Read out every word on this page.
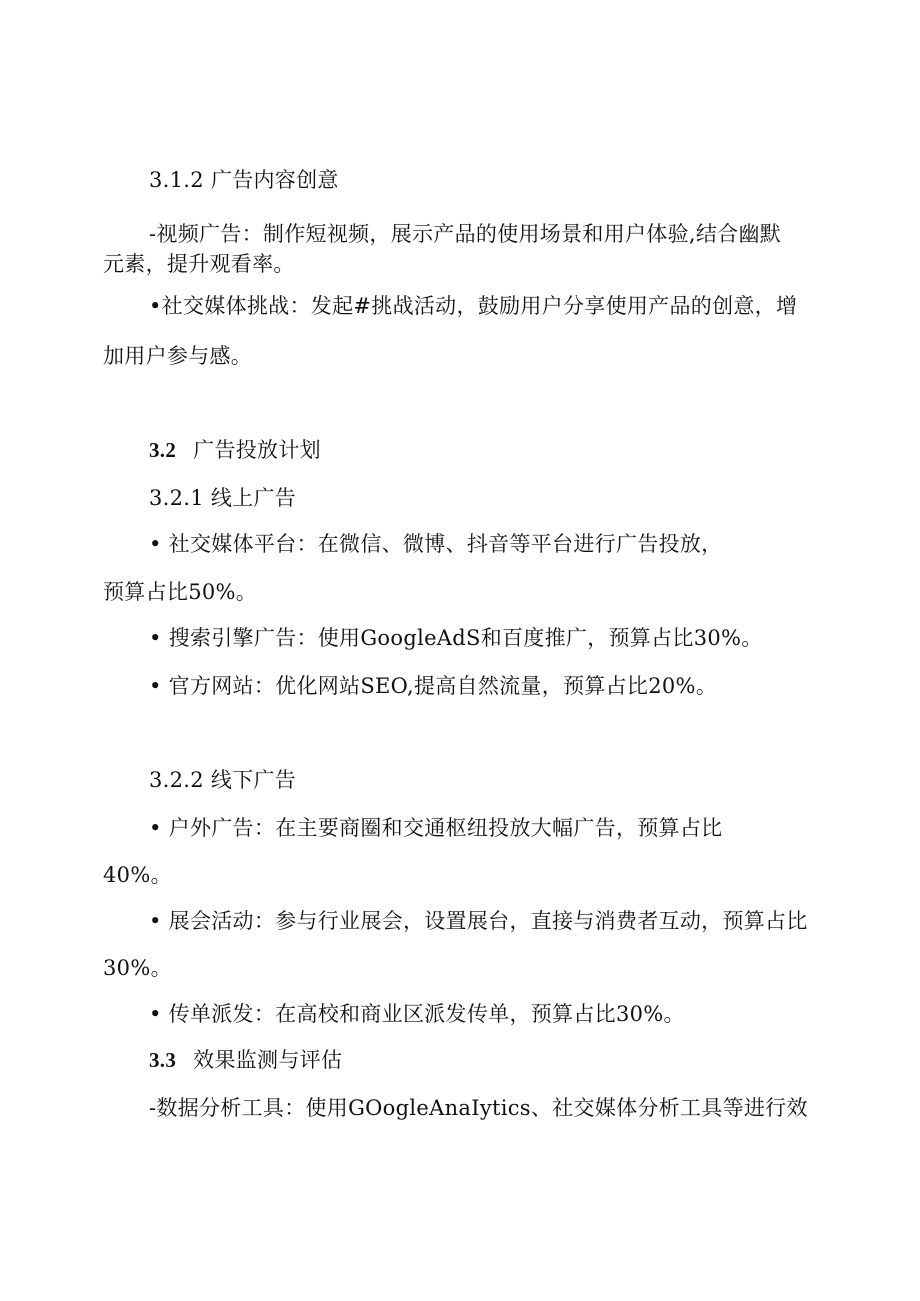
3.1.2 广告内容创意
-视频广告：制作短视频，展示产品的使用场景和用户体验,结合幽默
元素，提升观看率。
•社交媒体挑战：发起#挑战活动，鼓励用户分享使用产品的创意，增
加用户参与感。
3.2 广告投放计划
3.2.1 线上广告
• 社交媒体平台：在微信、微博、抖音等平台进行广告投放，
预算占比50%。
• 搜索引擎广告：使用GoogleAdS和百度推广，预算占比30%。
• 官方网站：优化网站SEO,提高自然流量，预算占比20%。
3.2.2 线下广告
• 户外广告：在主要商圈和交通枢纽投放大幅广告，预算占比
40%。
• 展会活动：参与行业展会，设置展台，直接与消费者互动，预算占比
30%。
• 传单派发：在高校和商业区派发传单，预算占比30%。
3.3 效果监测与评估
-数据分析工具：使用GOogleAnaIytics、社交媒体分析工具等进行效
